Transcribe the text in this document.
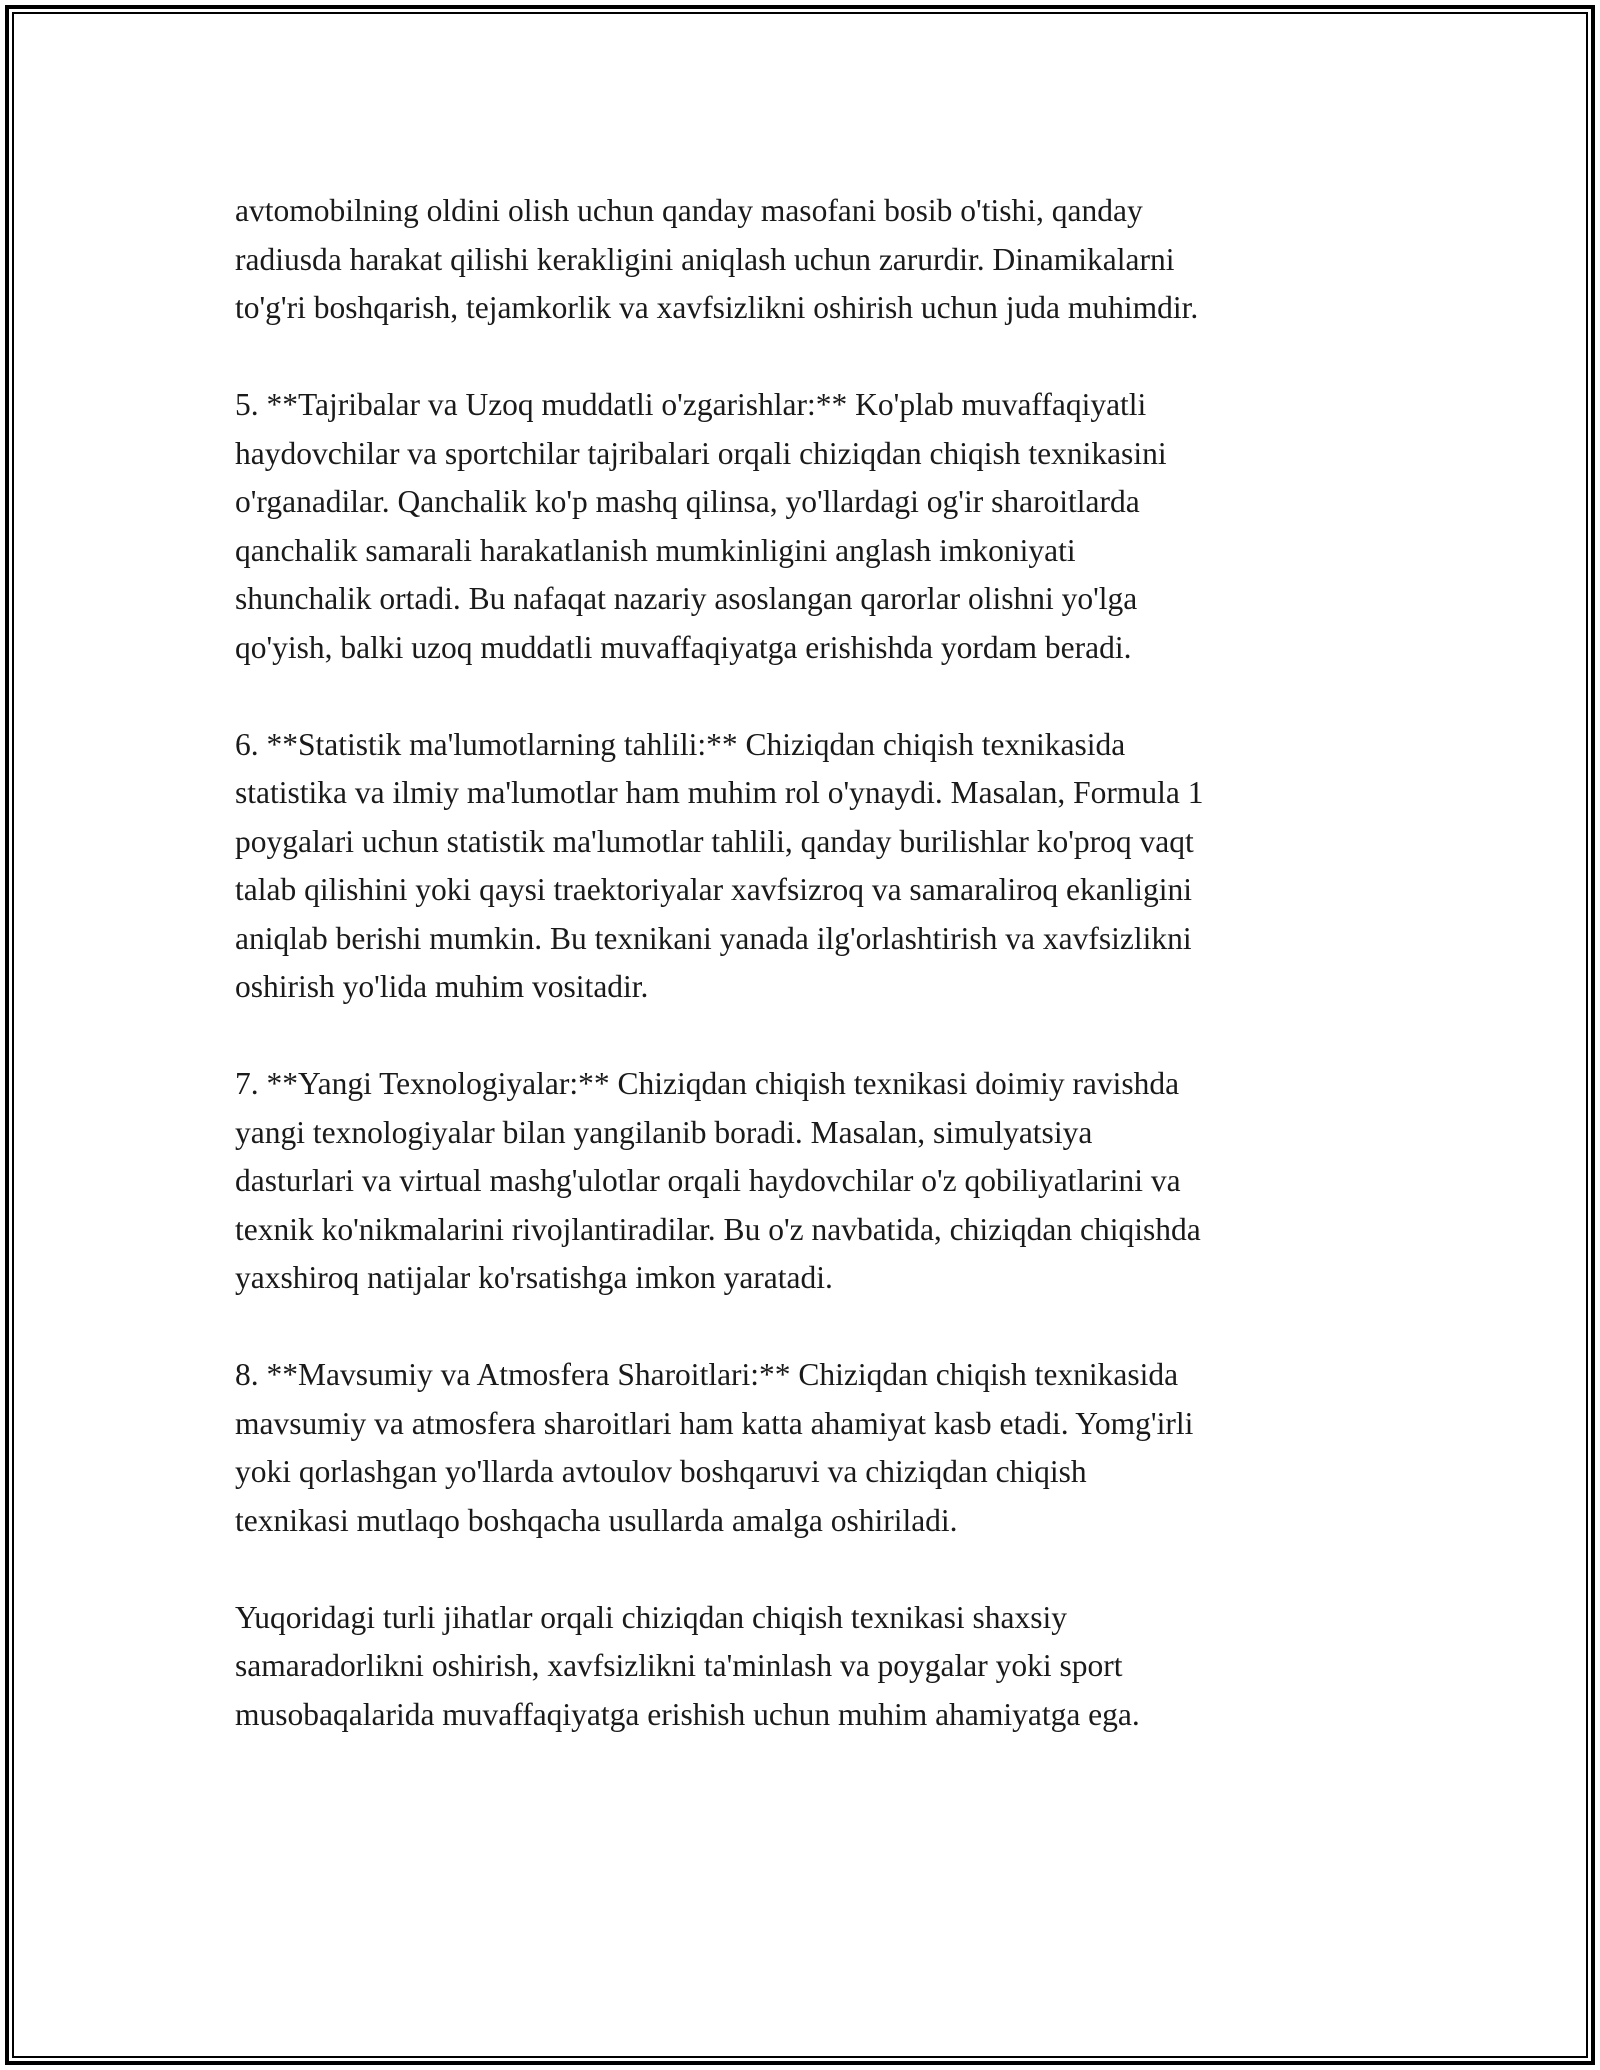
avtomobilning oldini olish uchun qanday masofani bosib o'tishi, qanday
radiusda harakat qilishi kerakligini aniqlash uchun zarurdir. Dinamikalarni
to'g'ri boshqarish, tejamkorlik va xavfsizlikni oshirish uchun juda muhimdir.

5. **Tajribalar va Uzoq muddatli o'zgarishlar:** Ko'plab muvaffaqiyatli
haydovchilar va sportchilar tajribalari orqali chiziqdan chiqish texnikasini
o'rganadilar. Qanchalik ko'p mashq qilinsa, yo'llardagi og'ir sharoitlarda
qanchalik samarali harakatlanish mumkinligini anglash imkoniyati
shunchalik ortadi. Bu nafaqat nazariy asoslangan qarorlar olishni yo'lga
qo'yish, balki uzoq muddatli muvaffaqiyatga erishishda yordam beradi.

6. **Statistik ma'lumotlarning tahlili:** Chiziqdan chiqish texnikasida
statistika va ilmiy ma'lumotlar ham muhim rol o'ynaydi. Masalan, Formula 1
poygalari uchun statistik ma'lumotlar tahlili, qanday burilishlar ko'proq vaqt
talab qilishini yoki qaysi traektoriyalar xavfsizroq va samaraliroq ekanligini
aniqlab berishi mumkin. Bu texnikani yanada ilg'orlashtirish va xavfsizlikni
oshirish yo'lida muhim vositadir.

7. **Yangi Texnologiyalar:** Chiziqdan chiqish texnikasi doimiy ravishda
yangi texnologiyalar bilan yangilanib boradi. Masalan, simulyatsiya
dasturlari va virtual mashg'ulotlar orqali haydovchilar o'z qobiliyatlarini va
texnik ko'nikmalarini rivojlantiradilar. Bu o'z navbatida, chiziqdan chiqishda
yaxshiroq natijalar ko'rsatishga imkon yaratadi.

8. **Mavsumiy va Atmosfera Sharoitlari:** Chiziqdan chiqish texnikasida
mavsumiy va atmosfera sharoitlari ham katta ahamiyat kasb etadi. Yomg'irli
yoki qorlashgan yo'llarda avtoulov boshqaruvi va chiziqdan chiqish
texnikasi mutlaqo boshqacha usullarda amalga oshiriladi.

Yuqoridagi turli jihatlar orqali chiziqdan chiqish texnikasi shaxsiy
samaradorlikni oshirish, xavfsizlikni ta'minlash va poygalar yoki sport
musobaqalarida muvaffaqiyatga erishish uchun muhim ahamiyatga ega.
